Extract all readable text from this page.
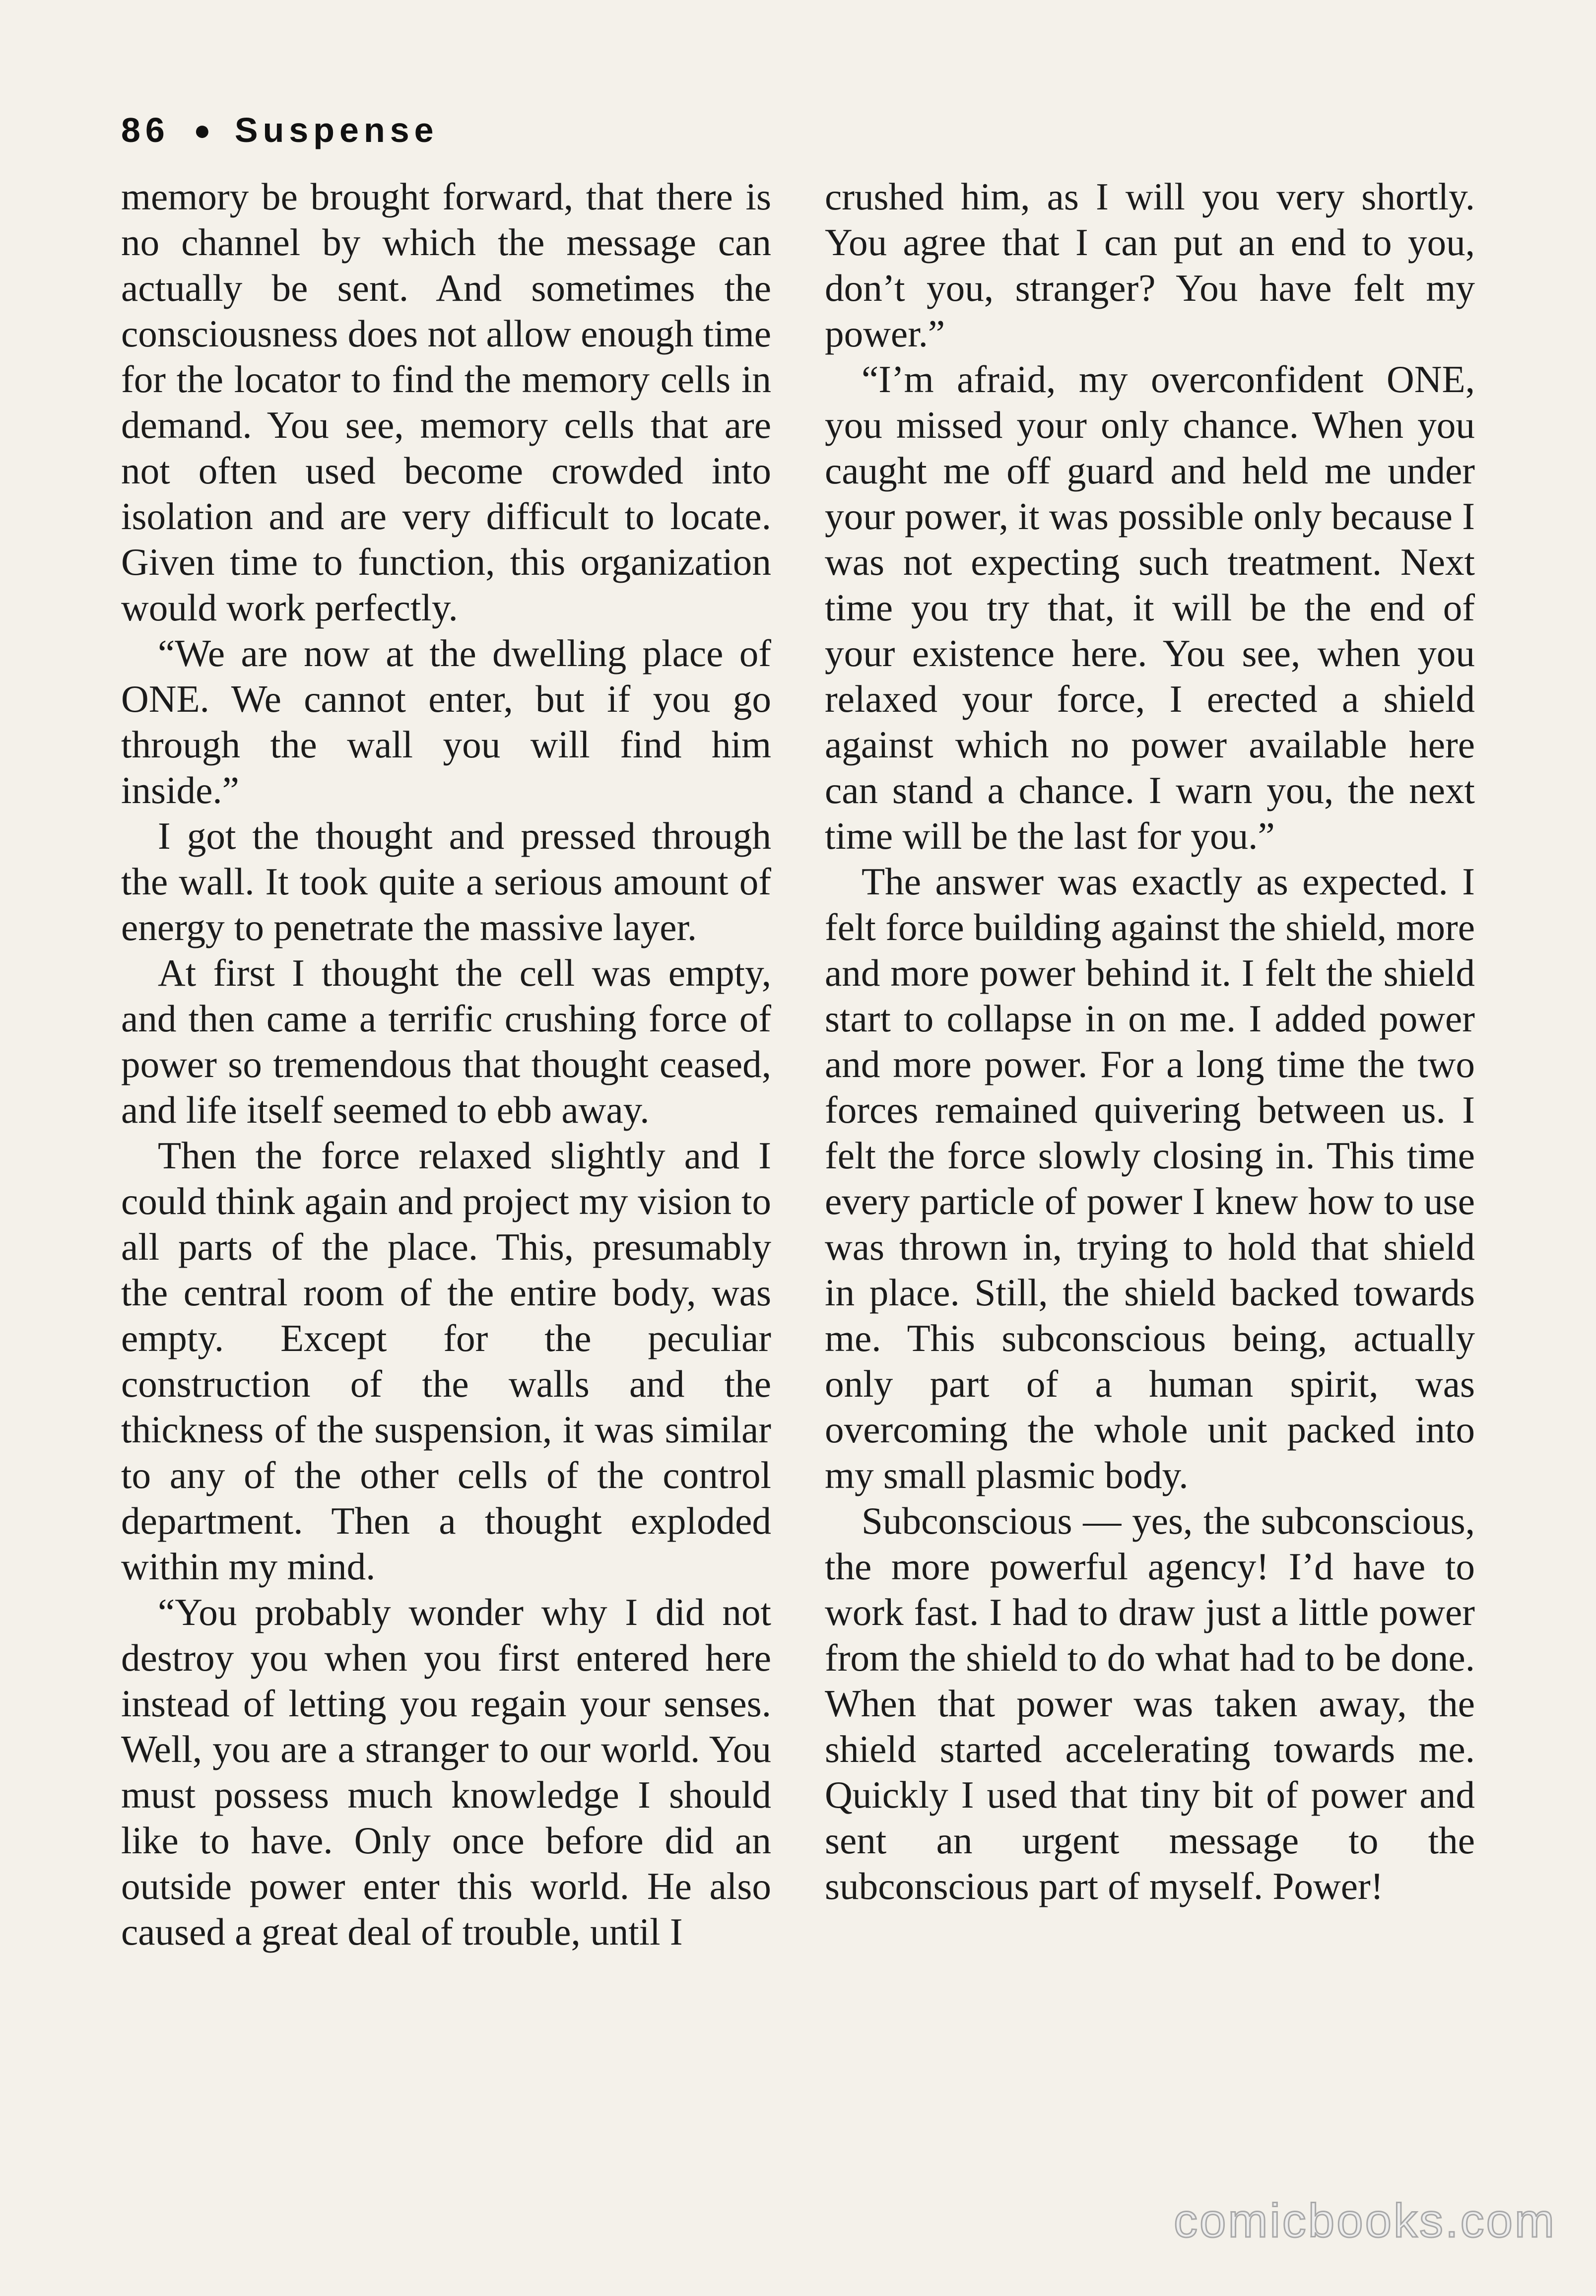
86 ● Suspense

memory be brought forward, that there is no channel by which the message can actually be sent. And sometimes the consciousness does not allow enough time for the locator to find the memory cells in demand. You see, memory cells that are not often used become crowded into isolation and are very difficult to locate. Given time to function, this organization would work perfectly.

“We are now at the dwelling place of ONE. We cannot enter, but if you go through the wall you will find him inside.”

I got the thought and pressed through the wall. It took quite a serious amount of energy to penetrate the massive layer.

At first I thought the cell was empty, and then came a terrific crushing force of power so tremendous that thought ceased, and life itself seemed to ebb away.

Then the force relaxed slightly and I could think again and project my vision to all parts of the place. This, presumably the central room of the entire body, was empty. Except for the peculiar construction of the walls and the thickness of the suspension, it was similar to any of the other cells of the control department. Then a thought exploded within my mind.

“You probably wonder why I did not destroy you when you first entered here instead of letting you regain your senses. Well, you are a stranger to our world. You must possess much knowledge I should like to have. Only once before did an outside power enter this world. He also caused a great deal of trouble, until I

crushed him, as I will you very shortly. You agree that I can put an end to you, don’t you, stranger? You have felt my power.”

“I’m afraid, my overconfident ONE, you missed your only chance. When you caught me off guard and held me under your power, it was possible only because I was not expecting such treatment. Next time you try that, it will be the end of your existence here. You see, when you relaxed your force, I erected a shield against which no power available here can stand a chance. I warn you, the next time will be the last for you.”

The answer was exactly as expected. I felt force building against the shield, more and more power behind it. I felt the shield start to collapse in on me. I added power and more power. For a long time the two forces remained quivering between us. I felt the force slowly closing in. This time every particle of power I knew how to use was thrown in, trying to hold that shield in place. Still, the shield backed towards me. This subconscious being, actually only part of a human spirit, was overcoming the whole unit packed into my small plasmic body.

Subconscious — yes, the subconscious, the more powerful agency! I’d have to work fast. I had to draw just a little power from the shield to do what had to be done. When that power was taken away, the shield started accelerating towards me. Quickly I used that tiny bit of power and sent an urgent message to the subconscious part of myself. Power!

comicbooks.com
